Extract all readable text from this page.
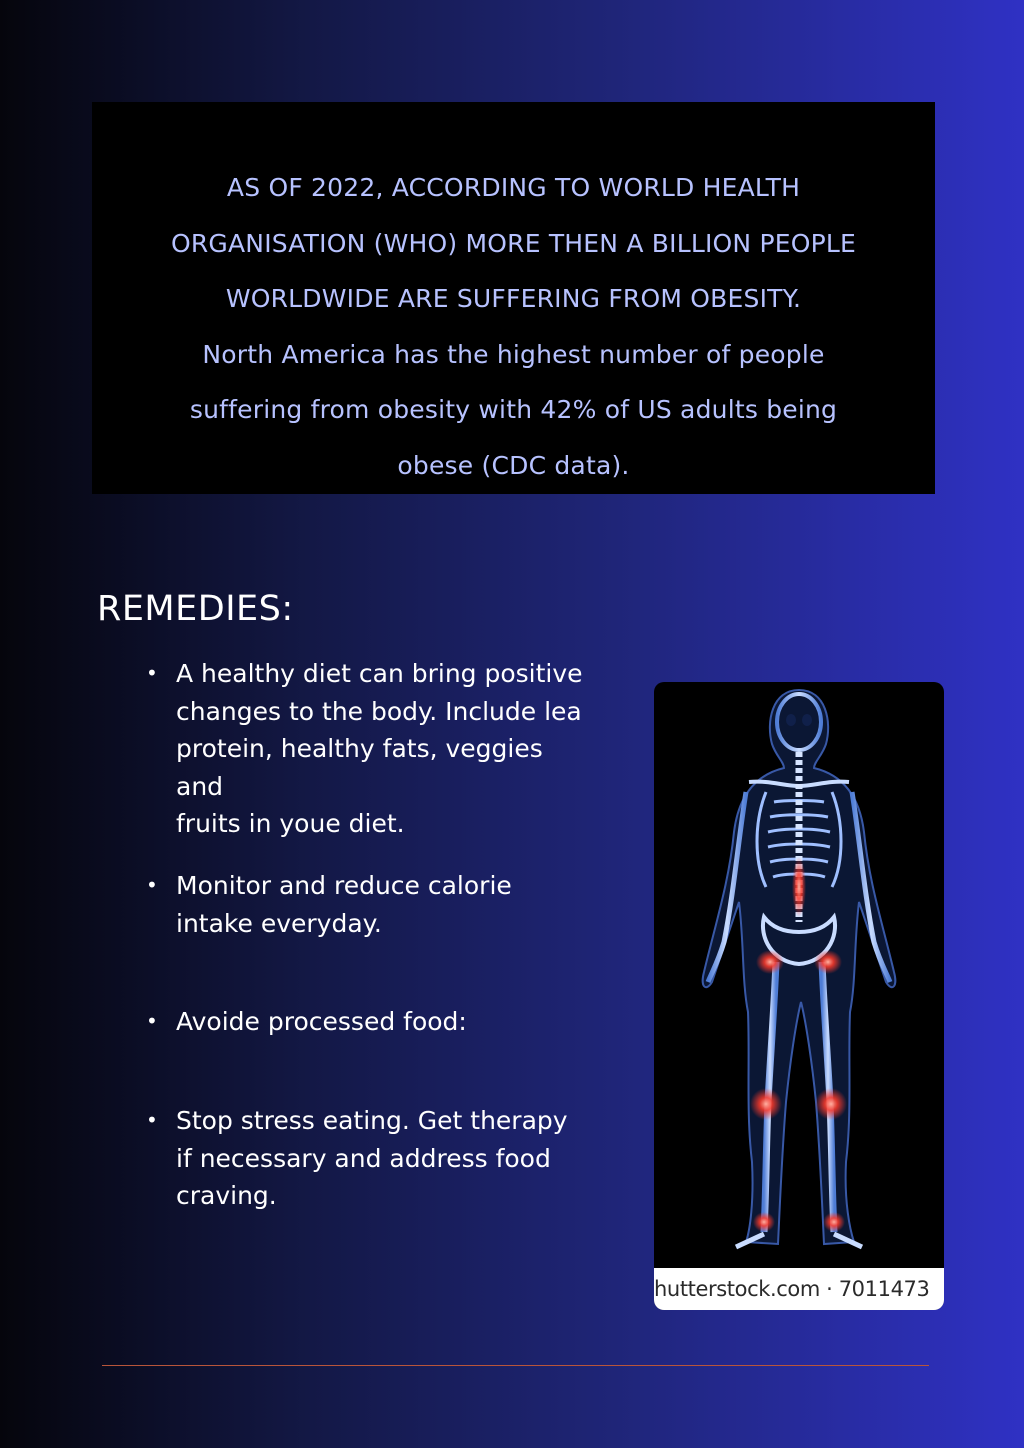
AS OF 2022, ACCORDING TO WORLD HEALTH
ORGANISATION (WHO) MORE THEN A BILLION PEOPLE
WORLDWIDE ARE SUFFERING FROM OBESITY.
North America has the highest number of people
suffering from obesity with 42% of US adults being
obese (CDC data).
REMEDIES:
• A healthy diet can bring positive
changes to the body. Include lea
protein, healthy fats, veggies and
fruits in youe diet.
• Monitor and reduce calorie
intake everyday.
• Avoide processed food:
• Stop stress eating. Get therapy
if necessary and address food
craving.
hutterstock.com · 7011473
